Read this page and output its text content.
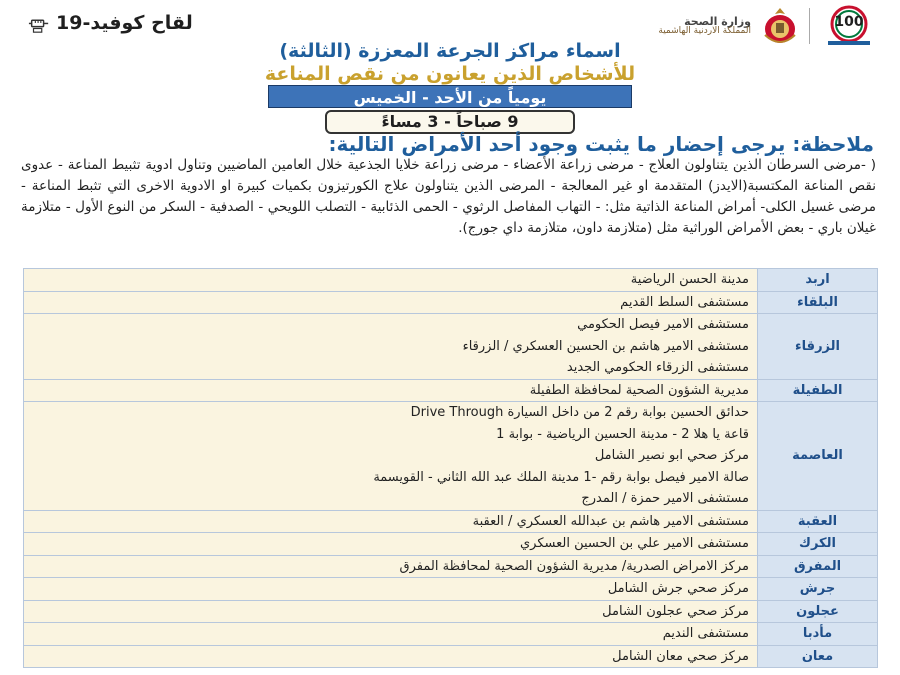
لقاح كوفيد-19	100
وزارة الصحة
المملكة الاردنية الهاشمية
اسماء مراكز الجرعة المعززة (الثالثة)
للأشخاص الذين يعانون من نقص المناعة
يومياً من الأحد - الخميس
9 صباحاً - 3 مساءً
ملاحظة: يرجى إحضار ما يثبت وجود أحد الأمراض التالية:
( -مرضى السرطان الذين يتناولون العلاج - مرضى زراعة الأعضاء - مرضى زراعة خلايا الجذعية خلال العامين الماضيين وتناول ادوية تثبيط المناعة - عدوى نقص المناعة المكتسبة(الايدز) المتقدمة او غير المعالجة - المرضى الذين يتناولون علاج الكورتيزون بكميات كبيرة او الادوية الاخرى التي تثبط المناعة - مرضى غسيل الكلى- أمراض المناعة الذاتية مثل: - التهاب المفاصل الرثوي - الحمى الذئابية - التصلب اللويحي - الصدفية - السكر من النوع الأول - متلازمة غيلان باري - بعض الأمراض الوراثية مثل (متلازمة داون، متلازمة داي جورج).
اربد
مدينة الحسن الرياضية
البلقاء
مستشفى السلط القديم
الزرقاء
مستشفى الامير فيصل الحكومي
مستشفى الامير هاشم بن الحسين العسكري / الزرقاء
مستشفى الزرقاء الحكومي الجديد
الطفيلة
مديرية الشؤون الصحية لمحافظة الطفيلة
العاصمة
حدائق الحسين بوابة رقم 2 من داخل السيارة Drive Through
قاعة يا هلا 2 - مدينة الحسين الرياضية - بوابة 1
مركز صحي ابو نصير الشامل
صالة الامير فيصل بوابة رقم -1 مدينة الملك عبد الله الثاني - القويسمة
مستشفى الامير حمزة / المدرج
العقبة
مستشفى الامير هاشم بن عبدالله العسكري / العقبة
الكرك
مستشفى الامير علي بن الحسين العسكري
المفرق
مركز الامراض الصدرية/ مديرية الشؤون الصحية لمحافظة المفرق
جرش
مركز صحي جرش الشامل
عجلون
مركز صحي عجلون الشامل
مأدبا
مستشفى النديم
معان
مركز صحي معان الشامل
